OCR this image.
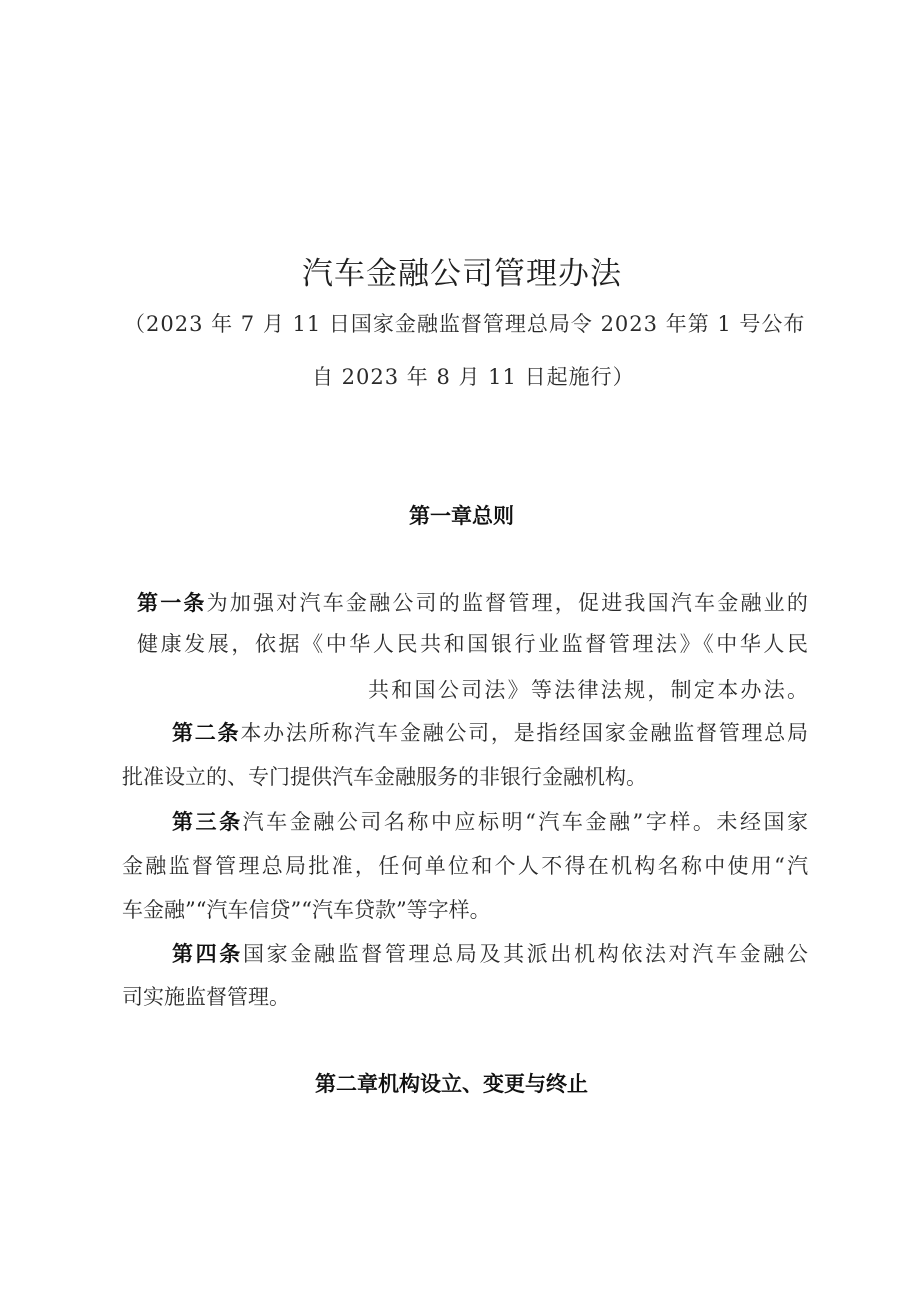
汽车金融公司管理办法
（2023 年 7 月 11 日国家金融监督管理总局令 2023 年第 1 号公布
自 2023 年 8 月 11 日起施行）
第一章总则
第一条为加强对汽车金融公司的监督管理，促进我国汽车金融业的
健康发展，依据《中华人民共和国银行业监督管理法》《中华人民
共和国公司法》等法律法规，制定本办法。
第二条本办法所称汽车金融公司，是指经国家金融监督管理总局
批准设立的、专门提供汽车金融服务的非银行金融机构。
第三条汽车金融公司名称中应标明“汽车金融”字样。未经国家
金融监督管理总局批准，任何单位和个人不得在机构名称中使用“汽
车金融”“汽车信贷”“汽车贷款”等字样。
第四条国家金融监督管理总局及其派出机构依法对汽车金融公
司实施监督管理。
第二章机构设立、变更与终止
